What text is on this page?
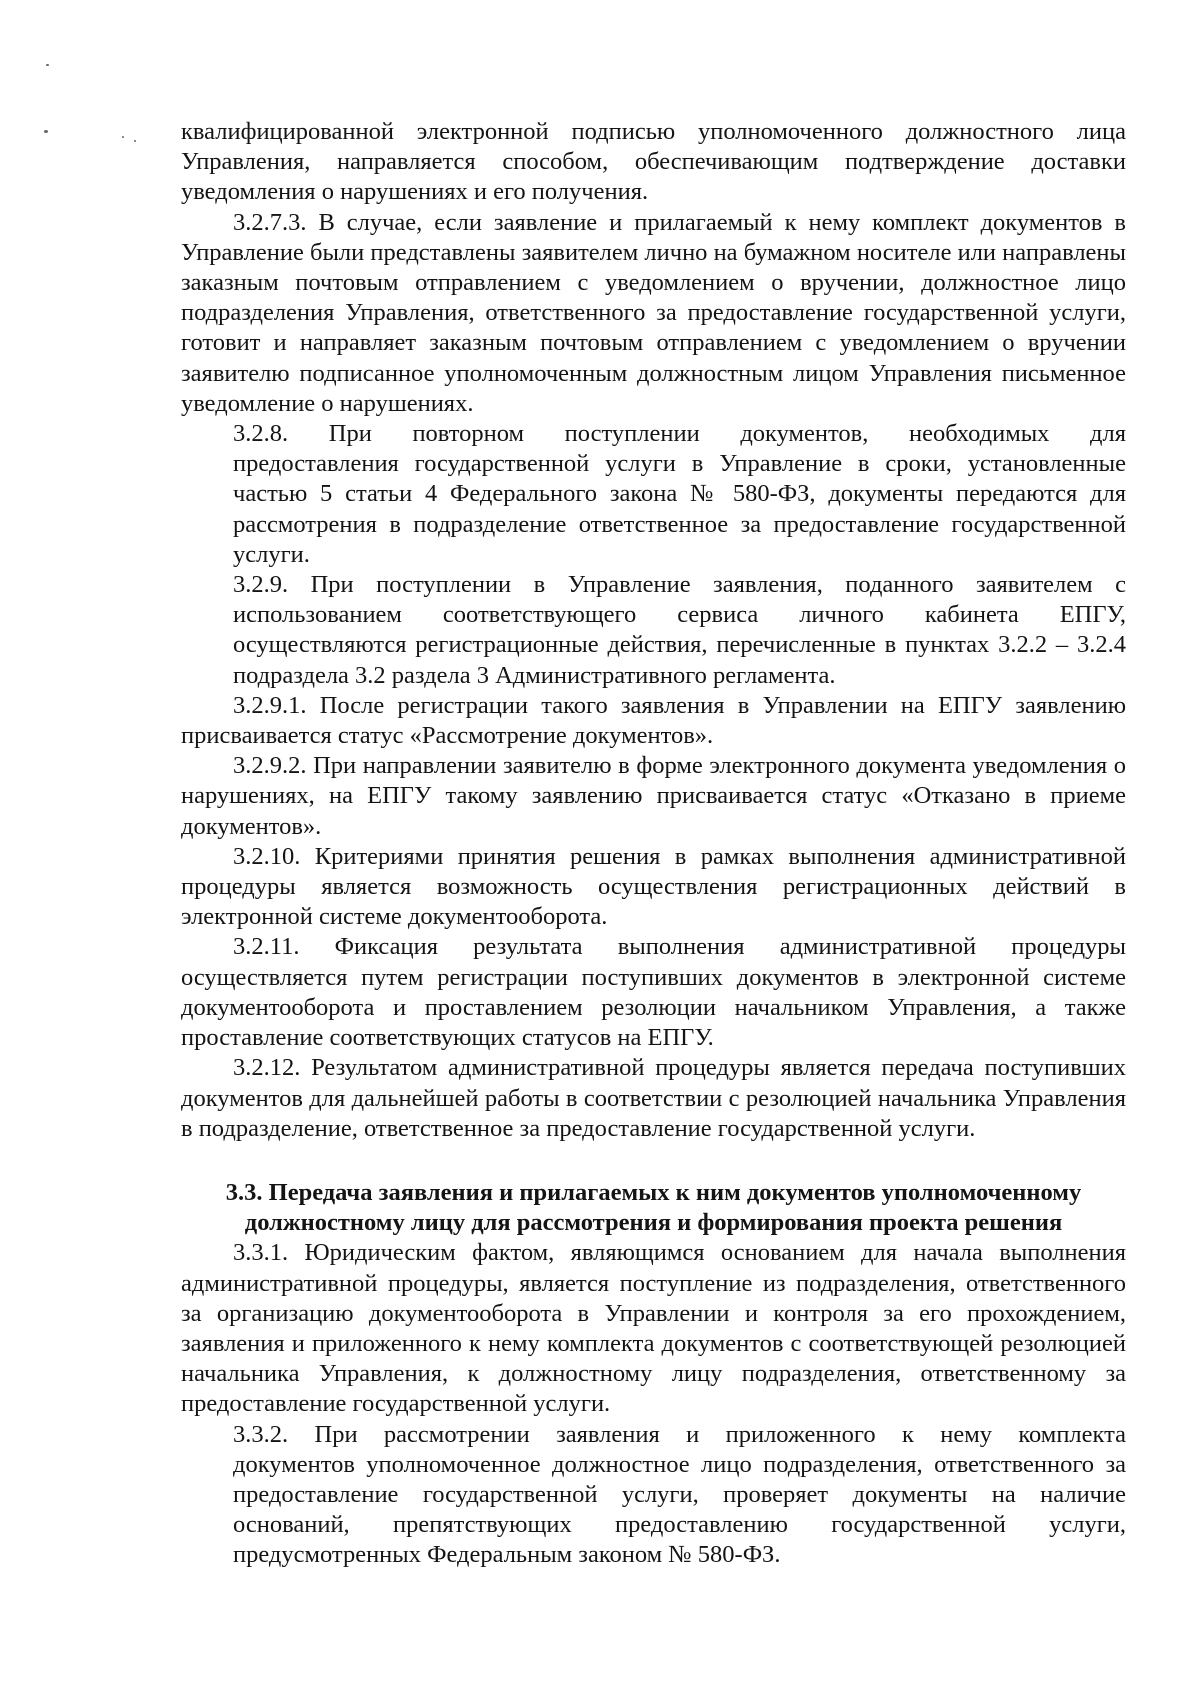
квалифицированной электронной подписью уполномоченного должностного лица
Управления, направляется способом, обеспечивающим подтверждение доставки
уведомления о нарушениях и его получения.

3.2.7.3. В случае, если заявление и прилагаемый к нему комплект документов в Управление были представлены заявителем лично на бумажном носителе или направлены заказным почтовым отправлением с уведомлением о вручении, должностное лицо подразделения Управления, ответственного за предоставление государственной услуги, готовит и направляет заказным почтовым отправлением с уведомлением о вручении заявителю подписанное уполномоченным должностным лицом Управления письменное уведомление о нарушениях.

3.2.8. При повторном поступлении документов, необходимых для
предоставления государственной услуги в Управление в сроки, установленные
частью 5 статьи 4 Федерального закона № 580-ФЗ, документы передаются для
рассмотрения в подразделение ответственное за предоставление государственной
услуги.

3.2.9. При поступлении в Управление заявления, поданного заявителем с
использованием соответствующего сервиса личного кабинета ЕПГУ,
осуществляются регистрационные действия, перечисленные в пунктах 3.2.2 – 3.2.4
подраздела 3.2 раздела 3 Административного регламента.

3.2.9.1. После регистрации такого заявления в Управлении на ЕПГУ заявлению присваивается статус «Рассмотрение документов».

3.2.9.2. При направлении заявителю в форме электронного документа уведомления о нарушениях, на ЕПГУ такому заявлению присваивается статус «Отказано в приеме документов».

3.2.10. Критериями принятия решения в рамках выполнения административной процедуры является возможность осуществления регистрационных действий в электронной системе документооборота.

3.2.11. Фиксация результата выполнения административной процедуры осуществляется путем регистрации поступивших документов в электронной системе документооборота и проставлением резолюции начальником Управления, а также проставление соответствующих статусов на ЕПГУ.

3.2.12. Результатом административной процедуры является передача поступивших документов для дальнейшей работы в соответствии с резолюцией начальника Управления в подразделение, ответственное за предоставление государственной услуги.

3.3. Передача заявления и прилагаемых к ним документов уполномоченному
должностному лицу для рассмотрения и формирования проекта решения

3.3.1. Юридическим фактом, являющимся основанием для начала выполнения административной процедуры, является поступление из подразделения, ответственного за организацию документооборота в Управлении и контроля за его прохождением, заявления и приложенного к нему комплекта документов с соответствующей резолюцией начальника Управления, к должностному лицу подразделения, ответственному за предоставление государственной услуги.

3.3.2. При рассмотрении заявления и приложенного к нему комплекта
документов уполномоченное должностное лицо подразделения, ответственного за
предоставление государственной услуги, проверяет документы на наличие
оснований, препятствующих предоставлению государственной услуги,
предусмотренных Федеральным законом № 580-ФЗ.
